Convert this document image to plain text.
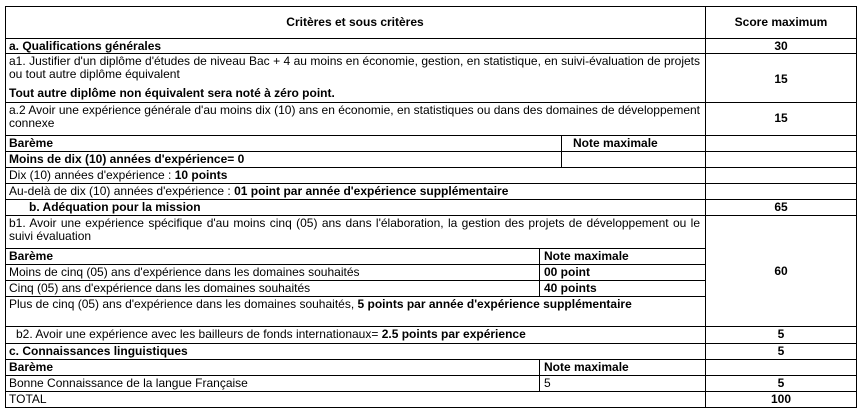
Critères et sous critères	Score maximum
a. Qualifications générales	30
a1. Justifier d'un diplôme d'études de niveau Bac + 4 au moins en économie, gestion, en statistique, en suivi-évaluation de projets ou tout autre diplôme équivalent
Tout autre diplôme non équivalent sera noté à zéro point.
15
a.2 Avoir une expérience générale d'au moins dix (10) ans en économie, en statistiques ou dans des domaines de développement connexe	15
Barème	Note maximale
Moins de dix (10) années d'expérience= 0
Dix (10) années d'expérience : 10 points
Au-delà de dix (10) années d'expérience : 01 point par année d'expérience supplémentaire
b. Adéquation pour la mission	65
b1. Avoir une expérience spécifique d'au moins cinq (05) ans dans l'élaboration, la gestion des projets de développement ou le suivi évaluation
60
Barème	Note maximale
Moins de cinq (05) ans d'expérience dans les domaines souhaités	00 point
Cinq (05) ans d'expérience dans les domaines souhaités	40 points
Plus de cinq (05) ans d'expérience dans les domaines souhaités, 5 points par année d'expérience supplémentaire
b2. Avoir une expérience avec les bailleurs de fonds internationaux= 2.5 points par expérience	5
c. Connaissances linguistiques	5
Barème	Note maximale
Bonne Connaissance de la langue Française	5	5
TOTAL	100
